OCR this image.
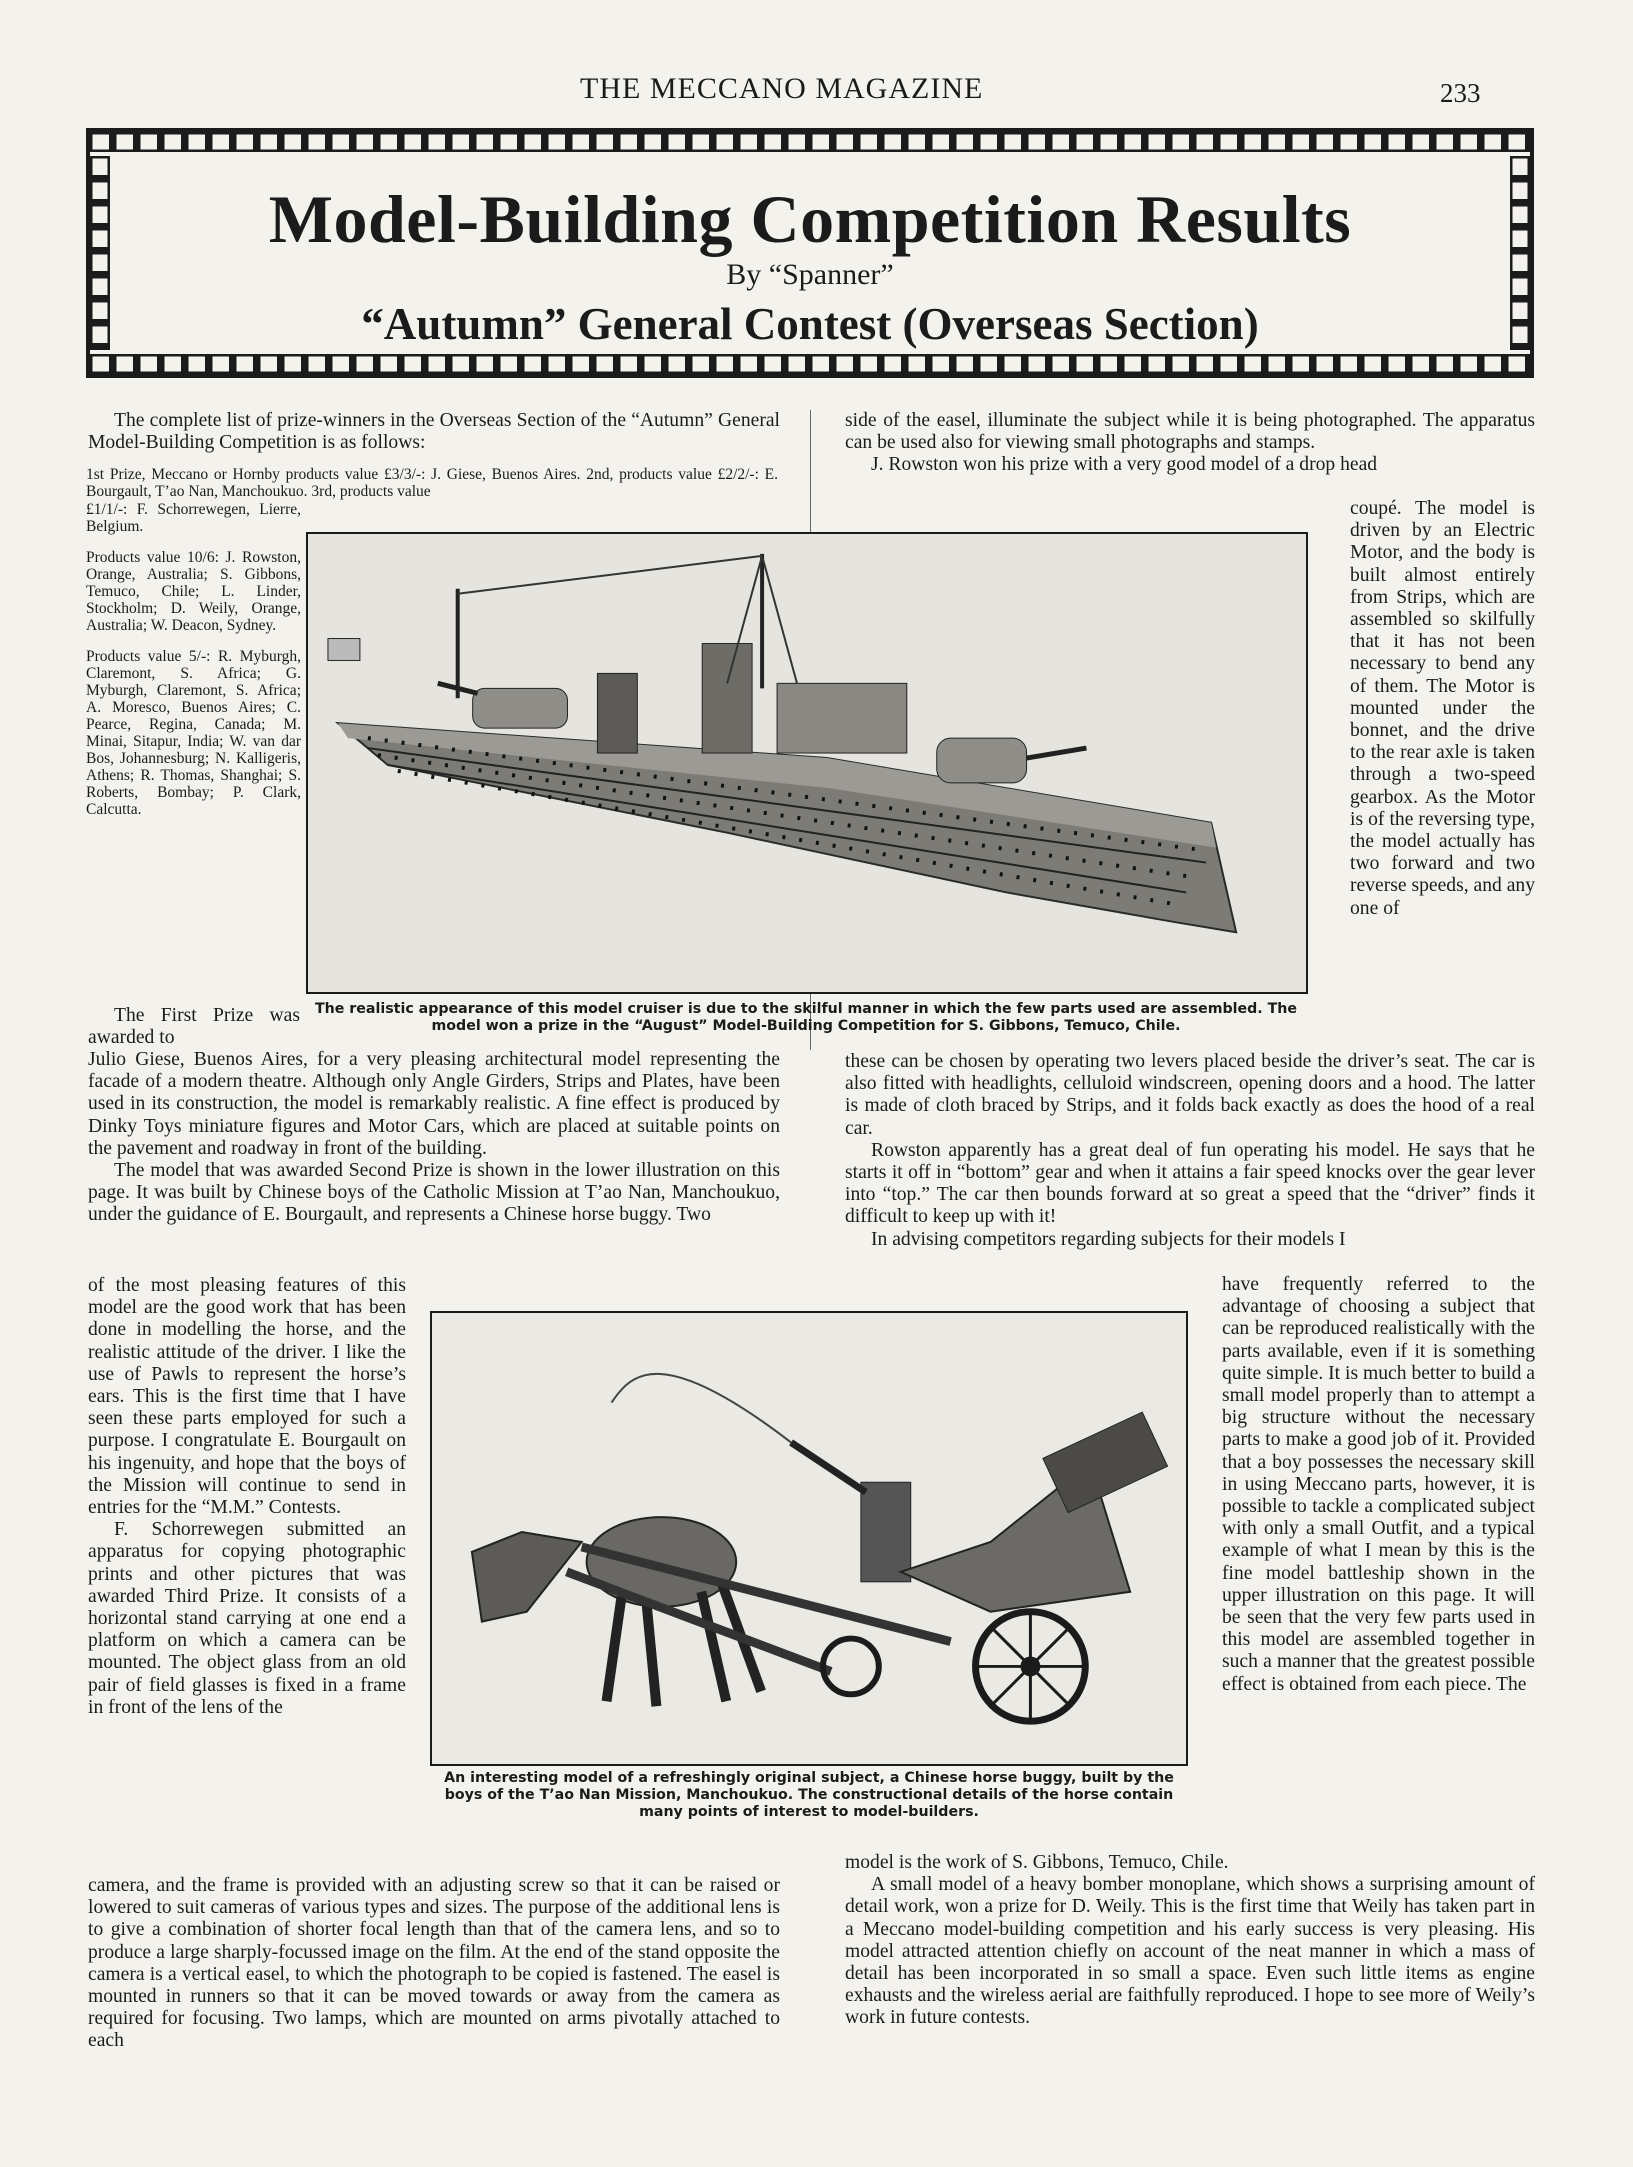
THE MECCANO MAGAZINE	233
Model-Building Competition Results
By “Spanner”
“Autumn” General Contest (Overseas Section)

The complete list of prize-winners in the Overseas Section of the “Autumn” General Model-Building Competition is as follows:

1st Prize, Meccano or Hornby products value £3/3/-: J. Giese, Buenos Aires. 2nd, products value £2/2/-: E. Bourgault, T’ao Nan, Manchoukuo. 3rd, products value

£1/1/-: F. Schorrewegen, Lierre, Belgium.

Products value 10/6: J. Rowston, Orange, Australia; S. Gibbons, Temuco, Chile; L. Linder, Stockholm; D. Weily, Orange, Australia; W. Deacon, Sydney.

Products value 5/-: R. Myburgh, Claremont, S. Africa; G. Myburgh, Claremont, S. Africa; A. Moresco, Buenos Aires; C. Pearce, Regina, Canada; M. Minai, Sitapur, India; W. van dar Bos, Johannesburg; N. Kalligeris, Athens; R. Thomas, Shanghai; S. Roberts, Bombay; P. Clark, Calcutta.

The realistic appearance of this model cruiser is due to the skilful manner in which the few parts used are assembled. The model won a prize in the “August” Model-Building Competition for S. Gibbons, Temuco, Chile.

The First Prize was awarded to

Julio Giese, Buenos Aires, for a very pleasing architectural model representing the facade of a modern theatre. Although only Angle Girders, Strips and Plates, have been used in its construction, the model is remarkably realistic. A fine effect is produced by Dinky Toys miniature figures and Motor Cars, which are placed at suitable points on the pavement and roadway in front of the building.

The model that was awarded Second Prize is shown in the lower illustration on this page. It was built by Chinese boys of the Catholic Mission at T’ao Nan, Manchoukuo, under the guidance of E. Bourgault, and represents a Chinese horse buggy. Two

of the most pleasing features of this model are the good work that has been done in modelling the horse, and the realistic attitude of the driver. I like the use of Pawls to represent the horse’s ears. This is the first time that I have seen these parts employed for such a purpose. I congratulate E. Bourgault on his ingenuity, and hope that the boys of the Mission will continue to send in entries for the “M.M.” Contests.

F. Schorrewegen submitted an apparatus for copying photographic prints and other pictures that was awarded Third Prize. It consists of a horizontal stand carrying at one end a platform on which a camera can be mounted. The object glass from an old pair of field glasses is fixed in a frame in front of the lens of the

An interesting model of a refreshingly original subject, a Chinese horse buggy, built by the boys of the T’ao Nan Mission, Manchoukuo. The constructional details of the horse contain many points of interest to model-builders.

camera, and the frame is provided with an adjusting screw so that it can be raised or lowered to suit cameras of various types and sizes. The purpose of the additional lens is to give a combination of shorter focal length than that of the camera lens, and so to produce a large sharply-focussed image on the film. At the end of the stand opposite the camera is a vertical easel, to which the photograph to be copied is fastened. The easel is mounted in runners so that it can be moved towards or away from the camera as required for focusing. Two lamps, which are mounted on arms pivotally attached to each

side of the easel, illuminate the subject while it is being photographed. The apparatus can be used also for viewing small photographs and stamps.

J. Rowston won his prize with a very good model of a drop head

coupé. The model is driven by an Electric Motor, and the body is built almost entirely from Strips, which are assembled so skilfully that it has not been necessary to bend any of them. The Motor is mounted under the bonnet, and the drive to the rear axle is taken through a two-speed gearbox. As the Motor is of the reversing type, the model actually has two forward and two reverse speeds, and any one of

these can be chosen by operating two levers placed beside the driver’s seat. The car is also fitted with headlights, celluloid windscreen, opening doors and a hood. The latter is made of cloth braced by Strips, and it folds back exactly as does the hood of a real car.

Rowston apparently has a great deal of fun operating his model. He says that he starts it off in “bottom” gear and when it attains a fair speed knocks over the gear lever into “top.” The car then bounds forward at so great a speed that the “driver” finds it difficult to keep up with it!

In advising competitors regarding subjects for their models I

have frequently referred to the advantage of choosing a subject that can be reproduced realistically with the parts available, even if it is something quite simple. It is much better to build a small model properly than to attempt a big structure without the necessary parts to make a good job of it. Provided that a boy possesses the necessary skill in using Meccano parts, however, it is possible to tackle a complicated subject with only a small Outfit, and a typical example of what I mean by this is the fine model battleship shown in the upper illustration on this page. It will be seen that the very few parts used in this model are assembled together in such a manner that the greatest possible effect is obtained from each piece. The

model is the work of S. Gibbons, Temuco, Chile.

A small model of a heavy bomber monoplane, which shows a surprising amount of detail work, won a prize for D. Weily. This is the first time that Weily has taken part in a Meccano model-building competition and his early success is very pleasing. His model attracted attention chiefly on account of the neat manner in which a mass of detail has been incorporated in so small a space. Even such little items as engine exhausts and the wireless aerial are faithfully reproduced. I hope to see more of Weily’s work in future contests.
